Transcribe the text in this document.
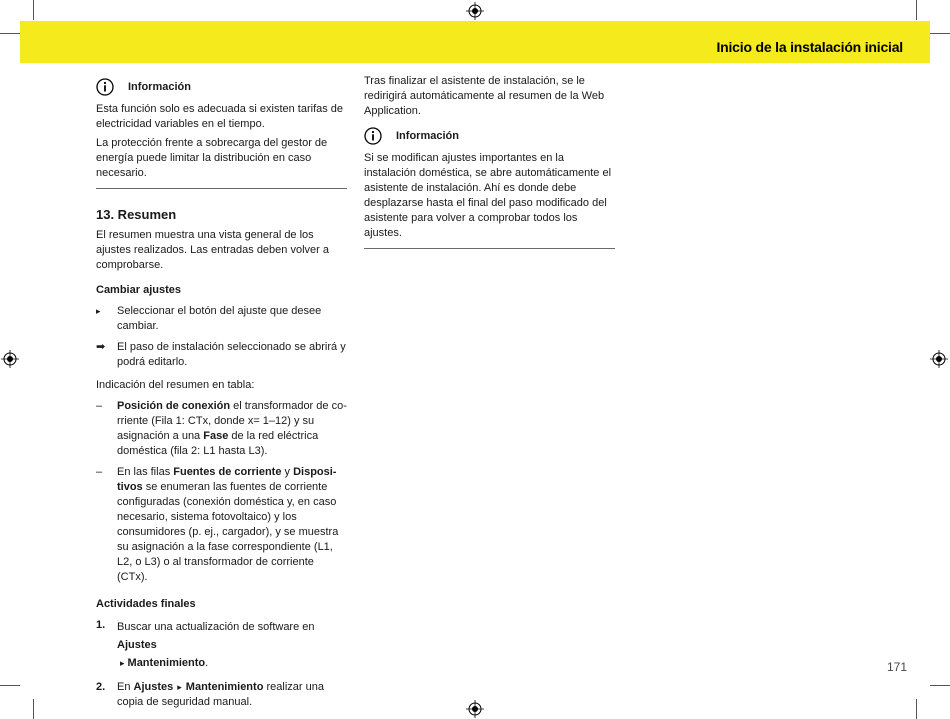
Inicio de la instalación inicial
Información

Esta función solo es adecuada si existen tarifas de electricidad variables en el tiempo.

La protección frente a sobrecarga del gestor de energía puede limitar la distribución en caso necesario.

13. Resumen

El resumen muestra una vista general de los ajustes realizados. Las entradas deben volver a comprobarse.

Cambiar ajustes
▸	Seleccionar el botón del ajuste que desee cambiar.
➡	El paso de instalación seleccionado se abrirá y podrá editarlo.

Indicación del resumen en tabla:

–	Posición de conexión el transformador de corriente (Fila 1: CTx, donde x= 1–12) y su asignación a una Fase de la red eléctrica doméstica (fila 2: L1 hasta L3).
–	En las filas Fuentes de corriente y Disposi- tivos se enumeran las fuentes de corriente configuradas (conexión doméstica y, en caso necesario, sistema fotovoltaico) y los consumidores (p. ej., cargador), y se muestra su asignación a la fase correspondiente (L1, L2, o L3) o al transformador de corriente (CTx).
Actividades finales
1.	Buscar una actualización de software en Ajustes
▸ Mantenimiento.
2.	En Ajustes ▸ Mantenimiento realizar una copia de seguridad manual.

Tras finalizar el asistente de instalación, se le redirigirá automáticamente al resumen de la Web Application.

Información

Si se modifican ajustes importantes en la instalación doméstica, se abre automáticamente el asistente de instalación. Ahí es donde debe desplazarse hasta el final del paso modificado del asistente para volver a comprobar todos los ajustes.

171
